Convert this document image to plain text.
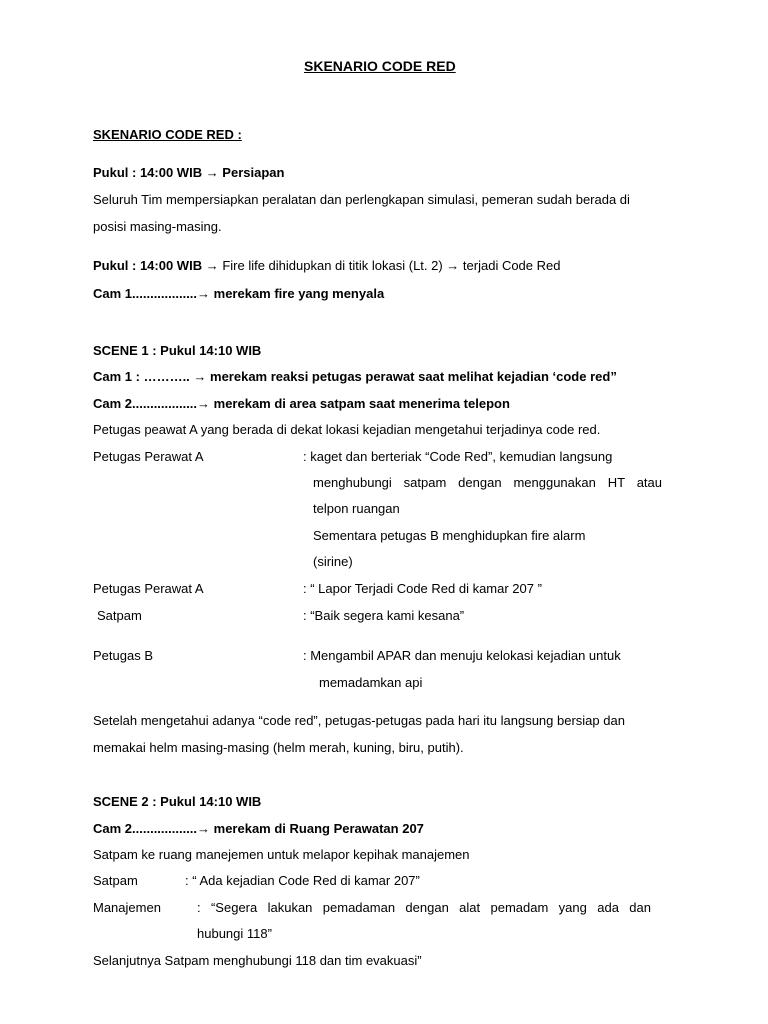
SKENARIO CODE RED
SKENARIO CODE RED :
Pukul : 14:00 WIB → Persiapan
Seluruh Tim mempersiapkan peralatan dan perlengkapan simulasi, pemeran sudah berada di
posisi masing-masing.
Pukul : 14:00 WIB → Fire life dihidupkan di titik lokasi (Lt. 2) → terjadi Code Red
Cam 1..................→ merekam fire yang menyala
SCENE 1 : Pukul 14:10 WIB
Cam 1 : ……….. → merekam reaksi petugas perawat saat melihat kejadian ‘code red”
Cam 2..................→ merekam di area satpam saat menerima telepon
Petugas peawat A yang berada di dekat lokasi kejadian mengetahui terjadinya code red.
Petugas Perawat A	: kaget dan berteriak “Code Red”, kemudian langsung
menghubungi satpam dengan menggunakan HT atau
telpon ruangan
Sementara petugas B menghidupkan fire alarm
(sirine)
Petugas Perawat A	: “ Lapor Terjadi Code Red di kamar 207 ”
Satpam	: “Baik segera kami kesana”
Petugas B	: Mengambil APAR dan menuju kelokasi kejadian untuk
memadamkan api
Setelah mengetahui adanya “code red”, petugas-petugas pada hari itu langsung bersiap dan
memakai helm masing-masing (helm merah, kuning, biru, putih).
SCENE 2 : Pukul 14:10 WIB
Cam 2..................→ merekam di Ruang Perawatan 207
Satpam ke ruang manejemen untuk melapor kepihak manajemen
Satpam	: “ Ada kejadian Code Red di kamar 207”
Manajemen	: “Segera lakukan pemadaman dengan alat pemadam yang ada dan
hubungi 118”
Selanjutnya Satpam menghubungi 118 dan tim evakuasi”
